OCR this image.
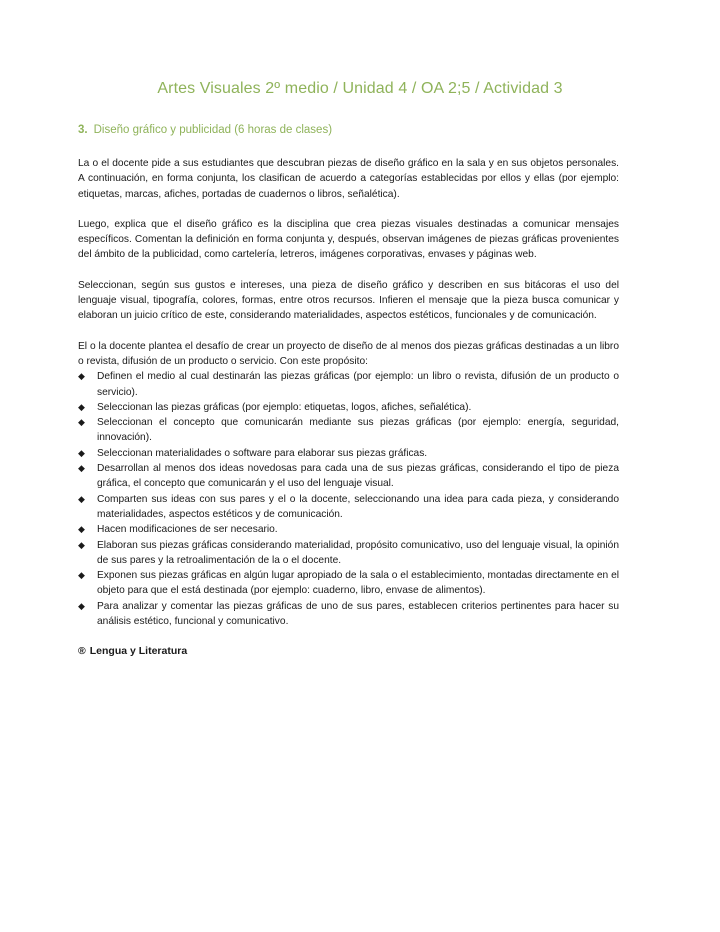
Artes Visuales 2º medio / Unidad 4 / OA 2;5 / Actividad 3
3. Diseño gráfico y publicidad (6 horas de clases)

La o el docente pide a sus estudiantes que descubran piezas de diseño gráfico en la sala y en sus objetos personales. A continuación, en forma conjunta, los clasifican de acuerdo a categorías establecidas por ellos y ellas (por ejemplo: etiquetas, marcas, afiches, portadas de cuadernos o libros, señalética).

Luego, explica que el diseño gráfico es la disciplina que crea piezas visuales destinadas a comunicar mensajes específicos. Comentan la definición en forma conjunta y, después, observan imágenes de piezas gráficas provenientes del ámbito de la publicidad, como cartelería, letreros, imágenes corporativas, envases y páginas web.

Seleccionan, según sus gustos e intereses, una pieza de diseño gráfico y describen en sus bitácoras el uso del lenguaje visual, tipografía, colores, formas, entre otros recursos. Infieren el mensaje que la pieza busca comunicar y elaboran un juicio crítico de este, considerando materialidades, aspectos estéticos, funcionales y de comunicación.

El o la docente plantea el desafío de crear un proyecto de diseño de al menos dos piezas gráficas destinadas a un libro o revista, difusión de un producto o servicio. Con este propósito:

◆ Definen el medio al cual destinarán las piezas gráficas (por ejemplo: un libro o revista, difusión de un producto o servicio).
◆ Seleccionan las piezas gráficas (por ejemplo: etiquetas, logos, afiches, señalética).
◆ Seleccionan el concepto que comunicarán mediante sus piezas gráficas (por ejemplo: energía, seguridad, innovación).
◆ Seleccionan materialidades o software para elaborar sus piezas gráficas.
◆ Desarrollan al menos dos ideas novedosas para cada una de sus piezas gráficas, considerando el tipo de pieza gráfica, el concepto que comunicarán y el uso del lenguaje visual.
◆ Comparten sus ideas con sus pares y el o la docente, seleccionando una idea para cada pieza, y considerando materialidades, aspectos estéticos y de comunicación.
◆ Hacen modificaciones de ser necesario.
◆ Elaboran sus piezas gráficas considerando materialidad, propósito comunicativo, uso del lenguaje visual, la opinión de sus pares y la retroalimentación de la o el docente.
◆ Exponen sus piezas gráficas en algún lugar apropiado de la sala o el establecimiento, montadas directamente en el objeto para que el está destinada (por ejemplo: cuaderno, libro, envase de alimentos).
◆ Para analizar y comentar las piezas gráficas de uno de sus pares, establecen criterios pertinentes para hacer su análisis estético, funcional y comunicativo.
® Lengua y Literatura
